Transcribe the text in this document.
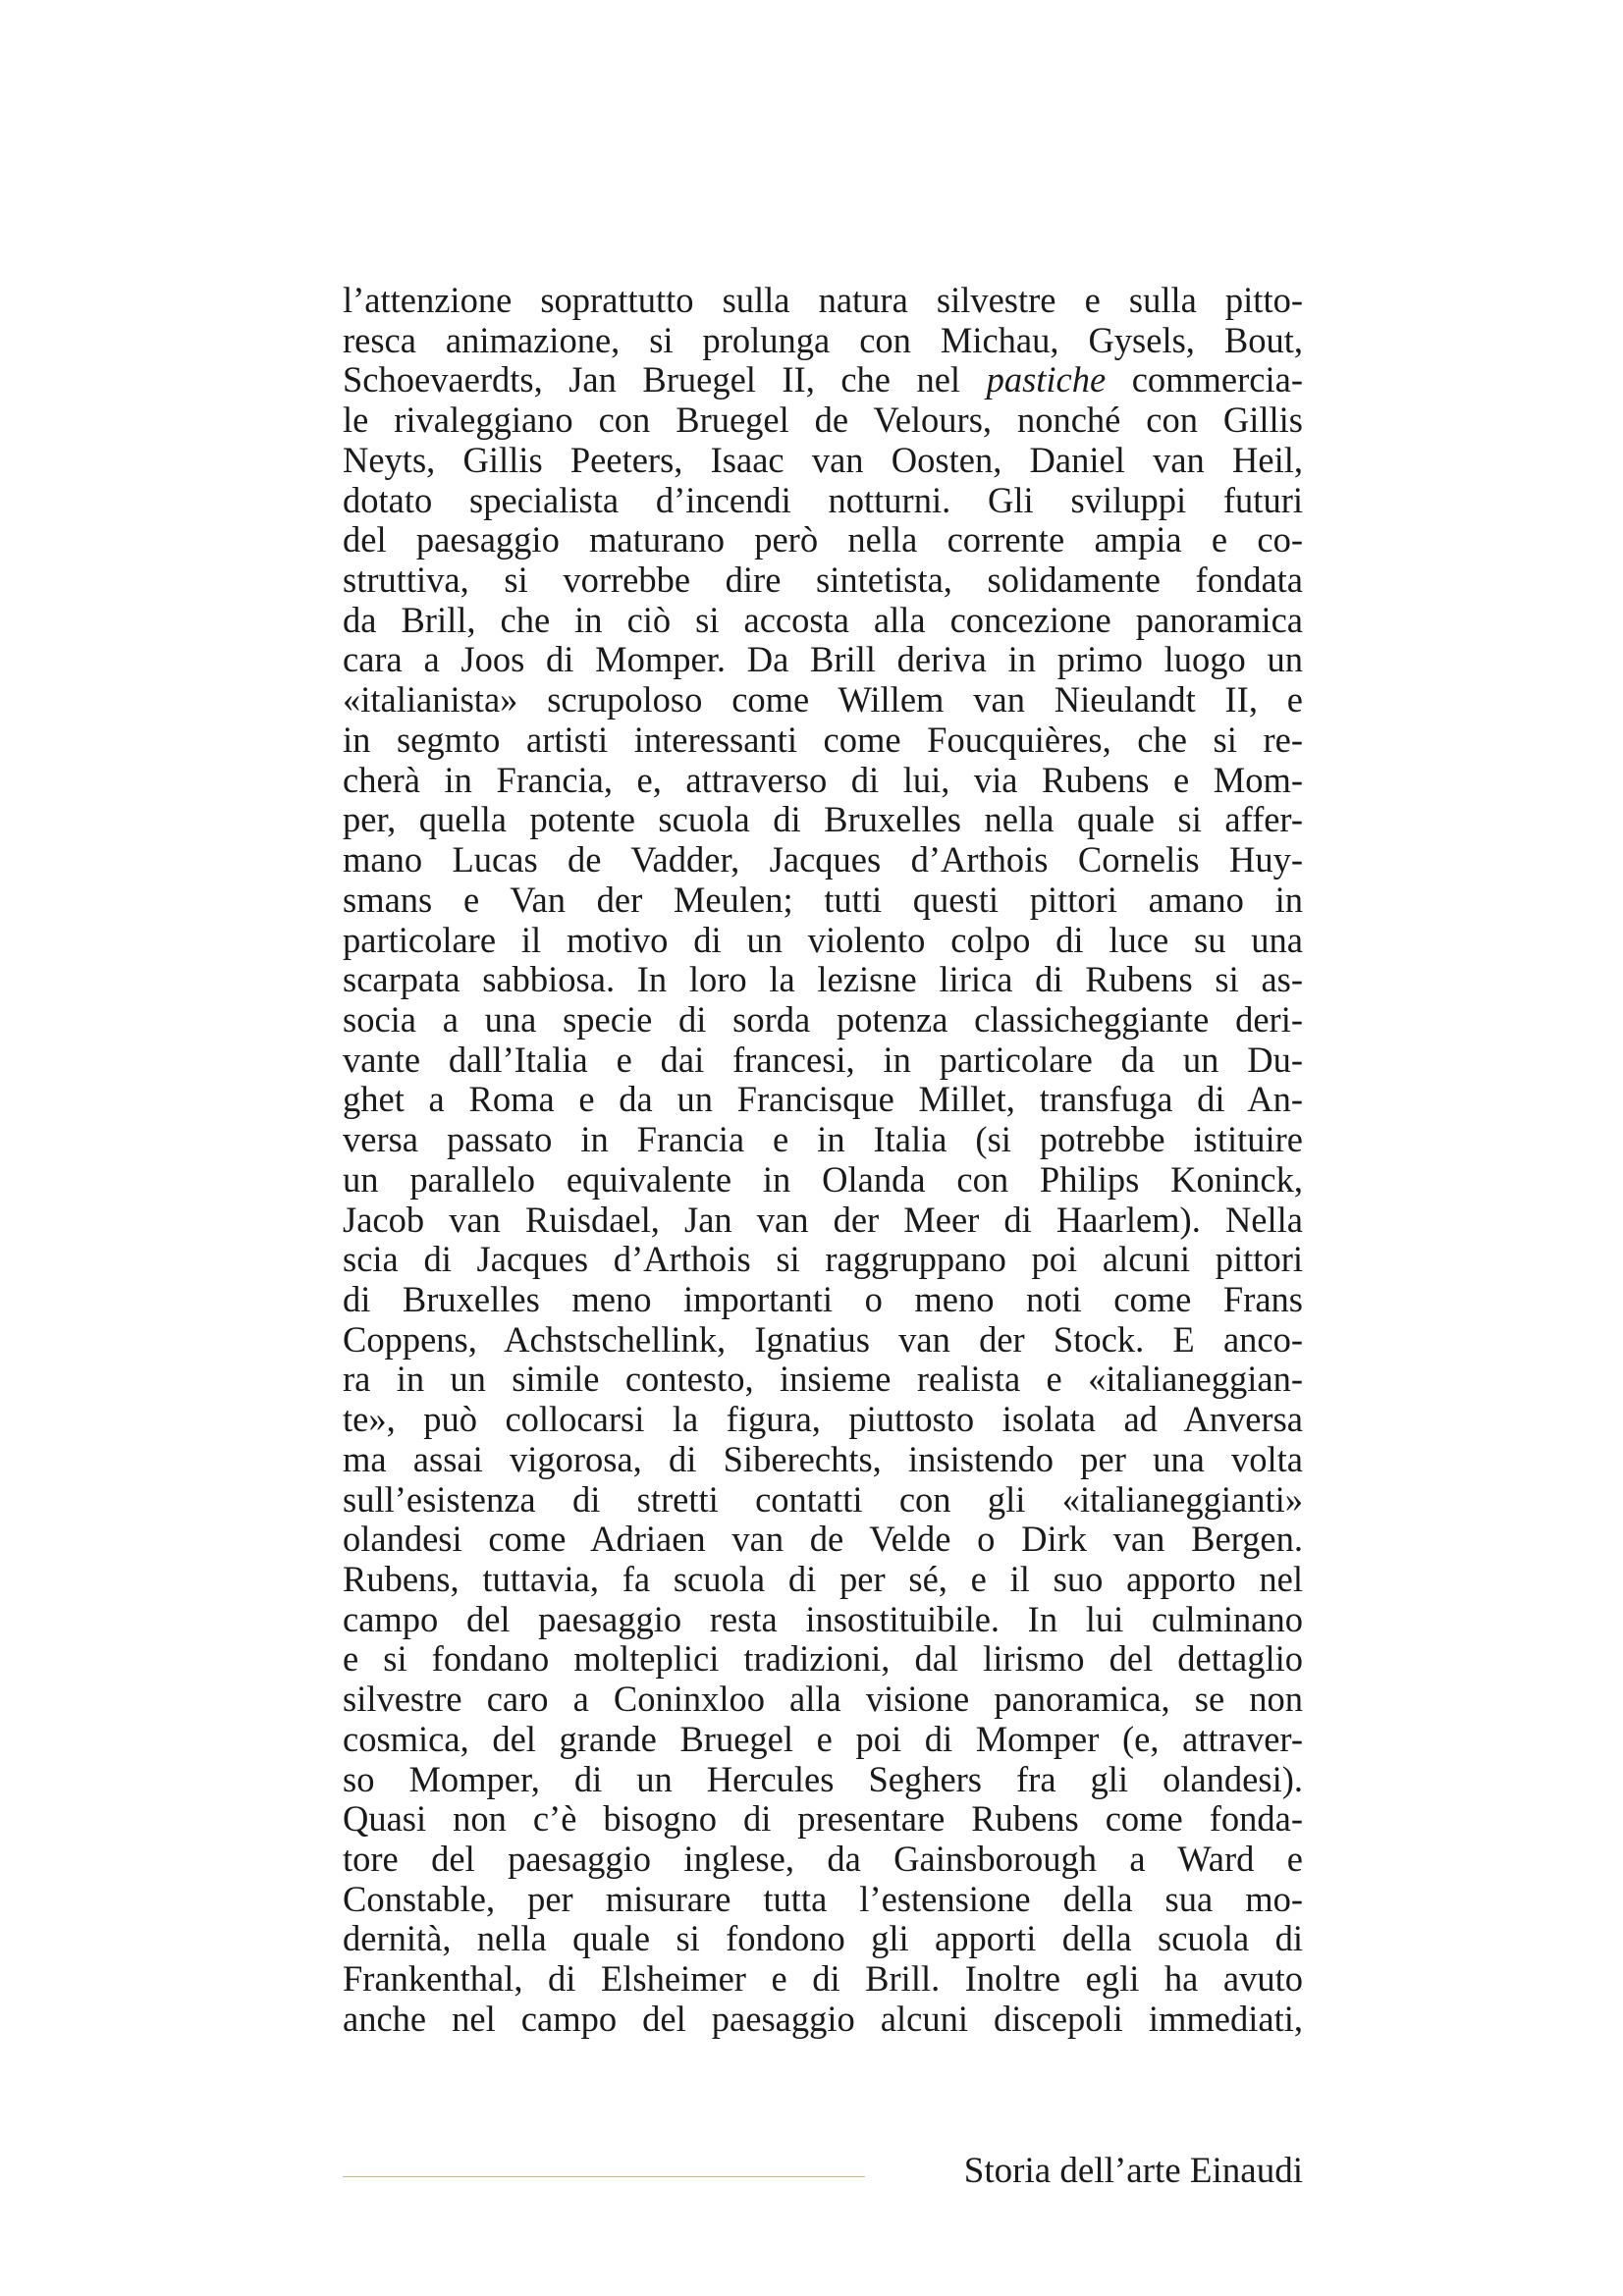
l’attenzione soprattutto sulla natura silvestre e sulla pitto-
resca animazione, si prolunga con Michau, Gysels, Bout,
Schoevaerdts, Jan Bruegel II, che nel pastiche commercia-
le rivaleggiano con Bruegel de Velours, nonché con Gillis
Neyts, Gillis Peeters, Isaac van Oosten, Daniel van Heil,
dotato specialista d’incendi notturni. Gli sviluppi futuri
del paesaggio maturano però nella corrente ampia e co-
struttiva, si vorrebbe dire sintetista, solidamente fondata
da Brill, che in ciò si accosta alla concezione panoramica
cara a Joos di Momper. Da Brill deriva in primo luogo un
«italianista» scrupoloso come Willem van Nieulandt II, e
in segmto artisti interessanti come Foucquières, che si re-
cherà in Francia, e, attraverso di lui, via Rubens e Mom-
per, quella potente scuola di Bruxelles nella quale si affer-
mano Lucas de Vadder, Jacques d’Arthois Cornelis Huy-
smans e Van der Meulen; tutti questi pittori amano in
particolare il motivo di un violento colpo di luce su una
scarpata sabbiosa. In loro la lezisne lirica di Rubens si as-
socia a una specie di sorda potenza classicheggiante deri-
vante dall’Italia e dai francesi, in particolare da un Du-
ghet a Roma e da un Francisque Millet, transfuga di An-
versa passato in Francia e in Italia (si potrebbe istituire
un parallelo equivalente in Olanda con Philips Koninck,
Jacob van Ruisdael, Jan van der Meer di Haarlem). Nella
scia di Jacques d’Arthois si raggruppano poi alcuni pittori
di Bruxelles meno importanti o meno noti come Frans
Coppens, Achstschellink, Ignatius van der Stock. E anco-
ra in un simile contesto, insieme realista e «italianeggian-
te», può collocarsi la figura, piuttosto isolata ad Anversa
ma assai vigorosa, di Siberechts, insistendo per una volta
sull’esistenza di stretti contatti con gli «italianeggianti»
olandesi come Adriaen van de Velde o Dirk van Bergen.
Rubens, tuttavia, fa scuola di per sé, e il suo apporto nel
campo del paesaggio resta insostituibile. In lui culminano
e si fondano molteplici tradizioni, dal lirismo del dettaglio
silvestre caro a Coninxloo alla visione panoramica, se non
cosmica, del grande Bruegel e poi di Momper (e, attraver-
so Momper, di un Hercules Seghers fra gli olandesi).
Quasi non c’è bisogno di presentare Rubens come fonda-
tore del paesaggio inglese, da Gainsborough a Ward e
Constable, per misurare tutta l’estensione della sua mo-
dernità, nella quale si fondono gli apporti della scuola di
Frankenthal, di Elsheimer e di Brill. Inoltre egli ha avuto
anche nel campo del paesaggio alcuni discepoli immediati,
Storia dell’arte Einaudi
